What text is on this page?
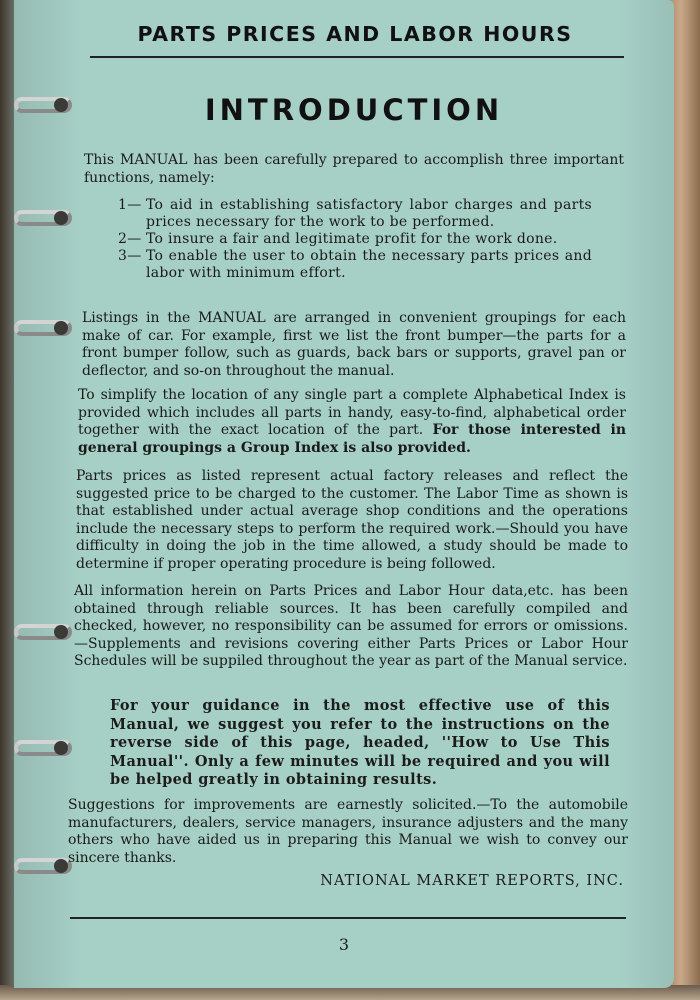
PARTS PRICES AND LABOR HOURS
INTRODUCTION

This MANUAL has been carefully prepared to accomplish three important functions, namely:

1— To aid in establishing satisfactory labor charges and parts prices necessary for the work to be performed.
2— To insure a fair and legitimate profit for the work done.
3— To enable the user to obtain the necessary parts prices and labor with minimum effort.

Listings in the MANUAL are arranged in convenient groupings for each make of car. For example, first we list the front bumper—the parts for a front bumper follow, such as guards, back bars or supports, gravel pan or deflector, and so-on throughout the manual.

To simplify the location of any single part a complete Alphabetical Index is provided which includes all parts in handy, easy-to-find, alphabetical order together with the exact location of the part. For those interested in general groupings a Group Index is also provided.

Parts prices as listed represent actual factory releases and reflect the suggested price to be charged to the customer. The Labor Time as shown is that established under actual average shop conditions and the operations include the necessary steps to perform the required work.—Should you have difficulty in doing the job in the time allowed, a study should be made to determine if proper operating procedure is being followed.

All information herein on Parts Prices and Labor Hour data,etc. has been obtained through reliable sources. It has been carefully compiled and checked, however, no responsibility can be assumed for errors or omissions.—Supplements and revisions covering either Parts Prices or Labor Hour Schedules will be suppiled throughout the year as part of the Manual service.

For your guidance in the most effective use of this Manual, we suggest you refer to the instructions on the reverse side of this page, headed, ''How to Use This Manual''. Only a few minutes will be required and you will be helped greatly in obtaining results.

Suggestions for improvements are earnestly solicited.—To the automobile manufacturers, dealers, service managers, insurance adjusters and the many others who have aided us in preparing this Manual we wish to convey our sincere thanks.

NATIONAL MARKET REPORTS, INC.
3
